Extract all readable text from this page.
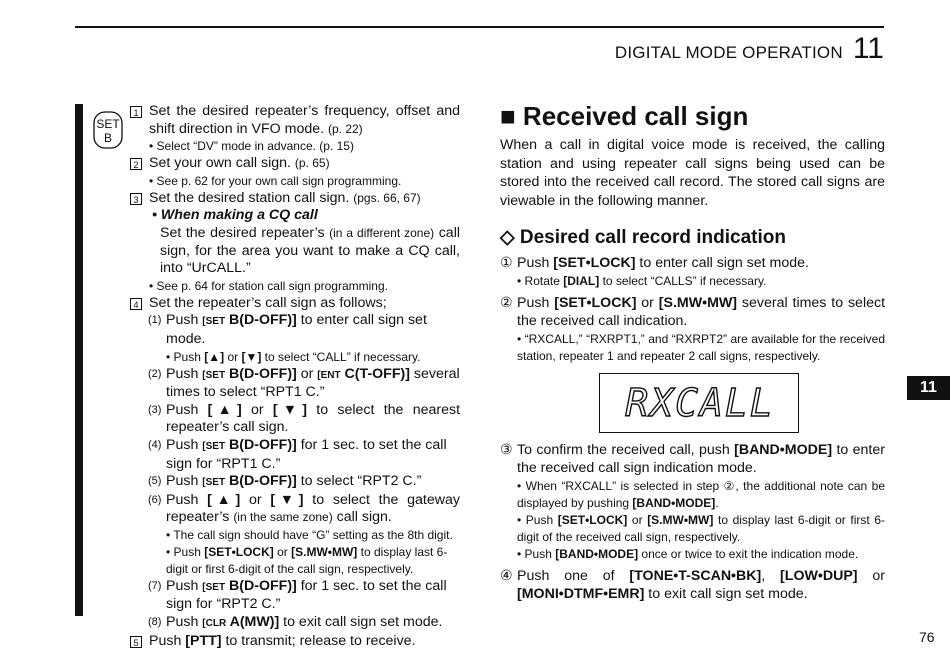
DIGITAL MODE OPERATION 11
SET
B
1 Set the desired repeater’s frequency, offset and shift direction in VFO mode. (p. 22)
• Select “DV” mode in advance. (p. 15)
2 Set your own call sign. (p. 65)
• See p. 62 for your own call sign programming.
3 Set the desired station call sign. (pgs. 66, 67)
• When making a CQ call
Set the desired repeater’s (in a different zone) call sign, for the area you want to make a CQ call, into “UrCALL.”
• See p. 64 for station call sign programming.
4 Set the repeater’s call sign as follows;
(1) Push [SET B(D-OFF)] to enter call sign set mode.
• Push [▲] or [▼] to select “CALL” if necessary.
(2) Push [SET B(D-OFF)] or [ENT C(T-OFF)] several times to select “RPT1 C.”
(3) Push [▲] or [▼] to select the nearest repeater’s call sign.
(4) Push [SET B(D-OFF)] for 1 sec. to set the call sign for “RPT1 C.”
(5) Push [SET B(D-OFF)] to select “RPT2 C.”
(6) Push [▲] or [▼] to select the gateway repeater’s (in the same zone) call sign.
• The call sign should have “G” setting as the 8th digit.
• Push [SET•LOCK] or [S.MW•MW] to display last 6-digit or first 6-digit of the call sign, respectively.
(7) Push [SET B(D-OFF)] for 1 sec. to set the call sign for “RPT2 C.”
(8) Push [CLR A(MW)] to exit call sign set mode.
5 Push [PTT] to transmit; release to receive.
■ Received call sign
When a call in digital voice mode is received, the calling station and using repeater call signs being used can be stored into the received call record. The stored call signs are viewable in the following manner.
◇ Desired call record indication
① Push [SET•LOCK] to enter call sign set mode.
• Rotate [DIAL] to select “CALLS” if necessary.
② Push [SET•LOCK] or [S.MW•MW] several times to select the received call indication.
• “RXCALL,” “RXRPT1,” and “RXRPT2” are available for the received station, repeater 1 and repeater 2 call signs, respectively.
RXCALL
③ To confirm the received call, push [BAND•MODE] to enter the received call sign indication mode.
• When “RXCALL” is selected in step ②, the additional note can be displayed by pushing [BAND•MODE].
• Push [SET•LOCK] or [S.MW•MW] to display last 6-digit or first 6-digit of the received call sign, respectively.
• Push [BAND•MODE] once or twice to exit the indication mode.
④ Push one of [TONE•T-SCAN•BK], [LOW•DUP] or [MONI•DTMF•EMR] to exit call sign set mode.
11
76
